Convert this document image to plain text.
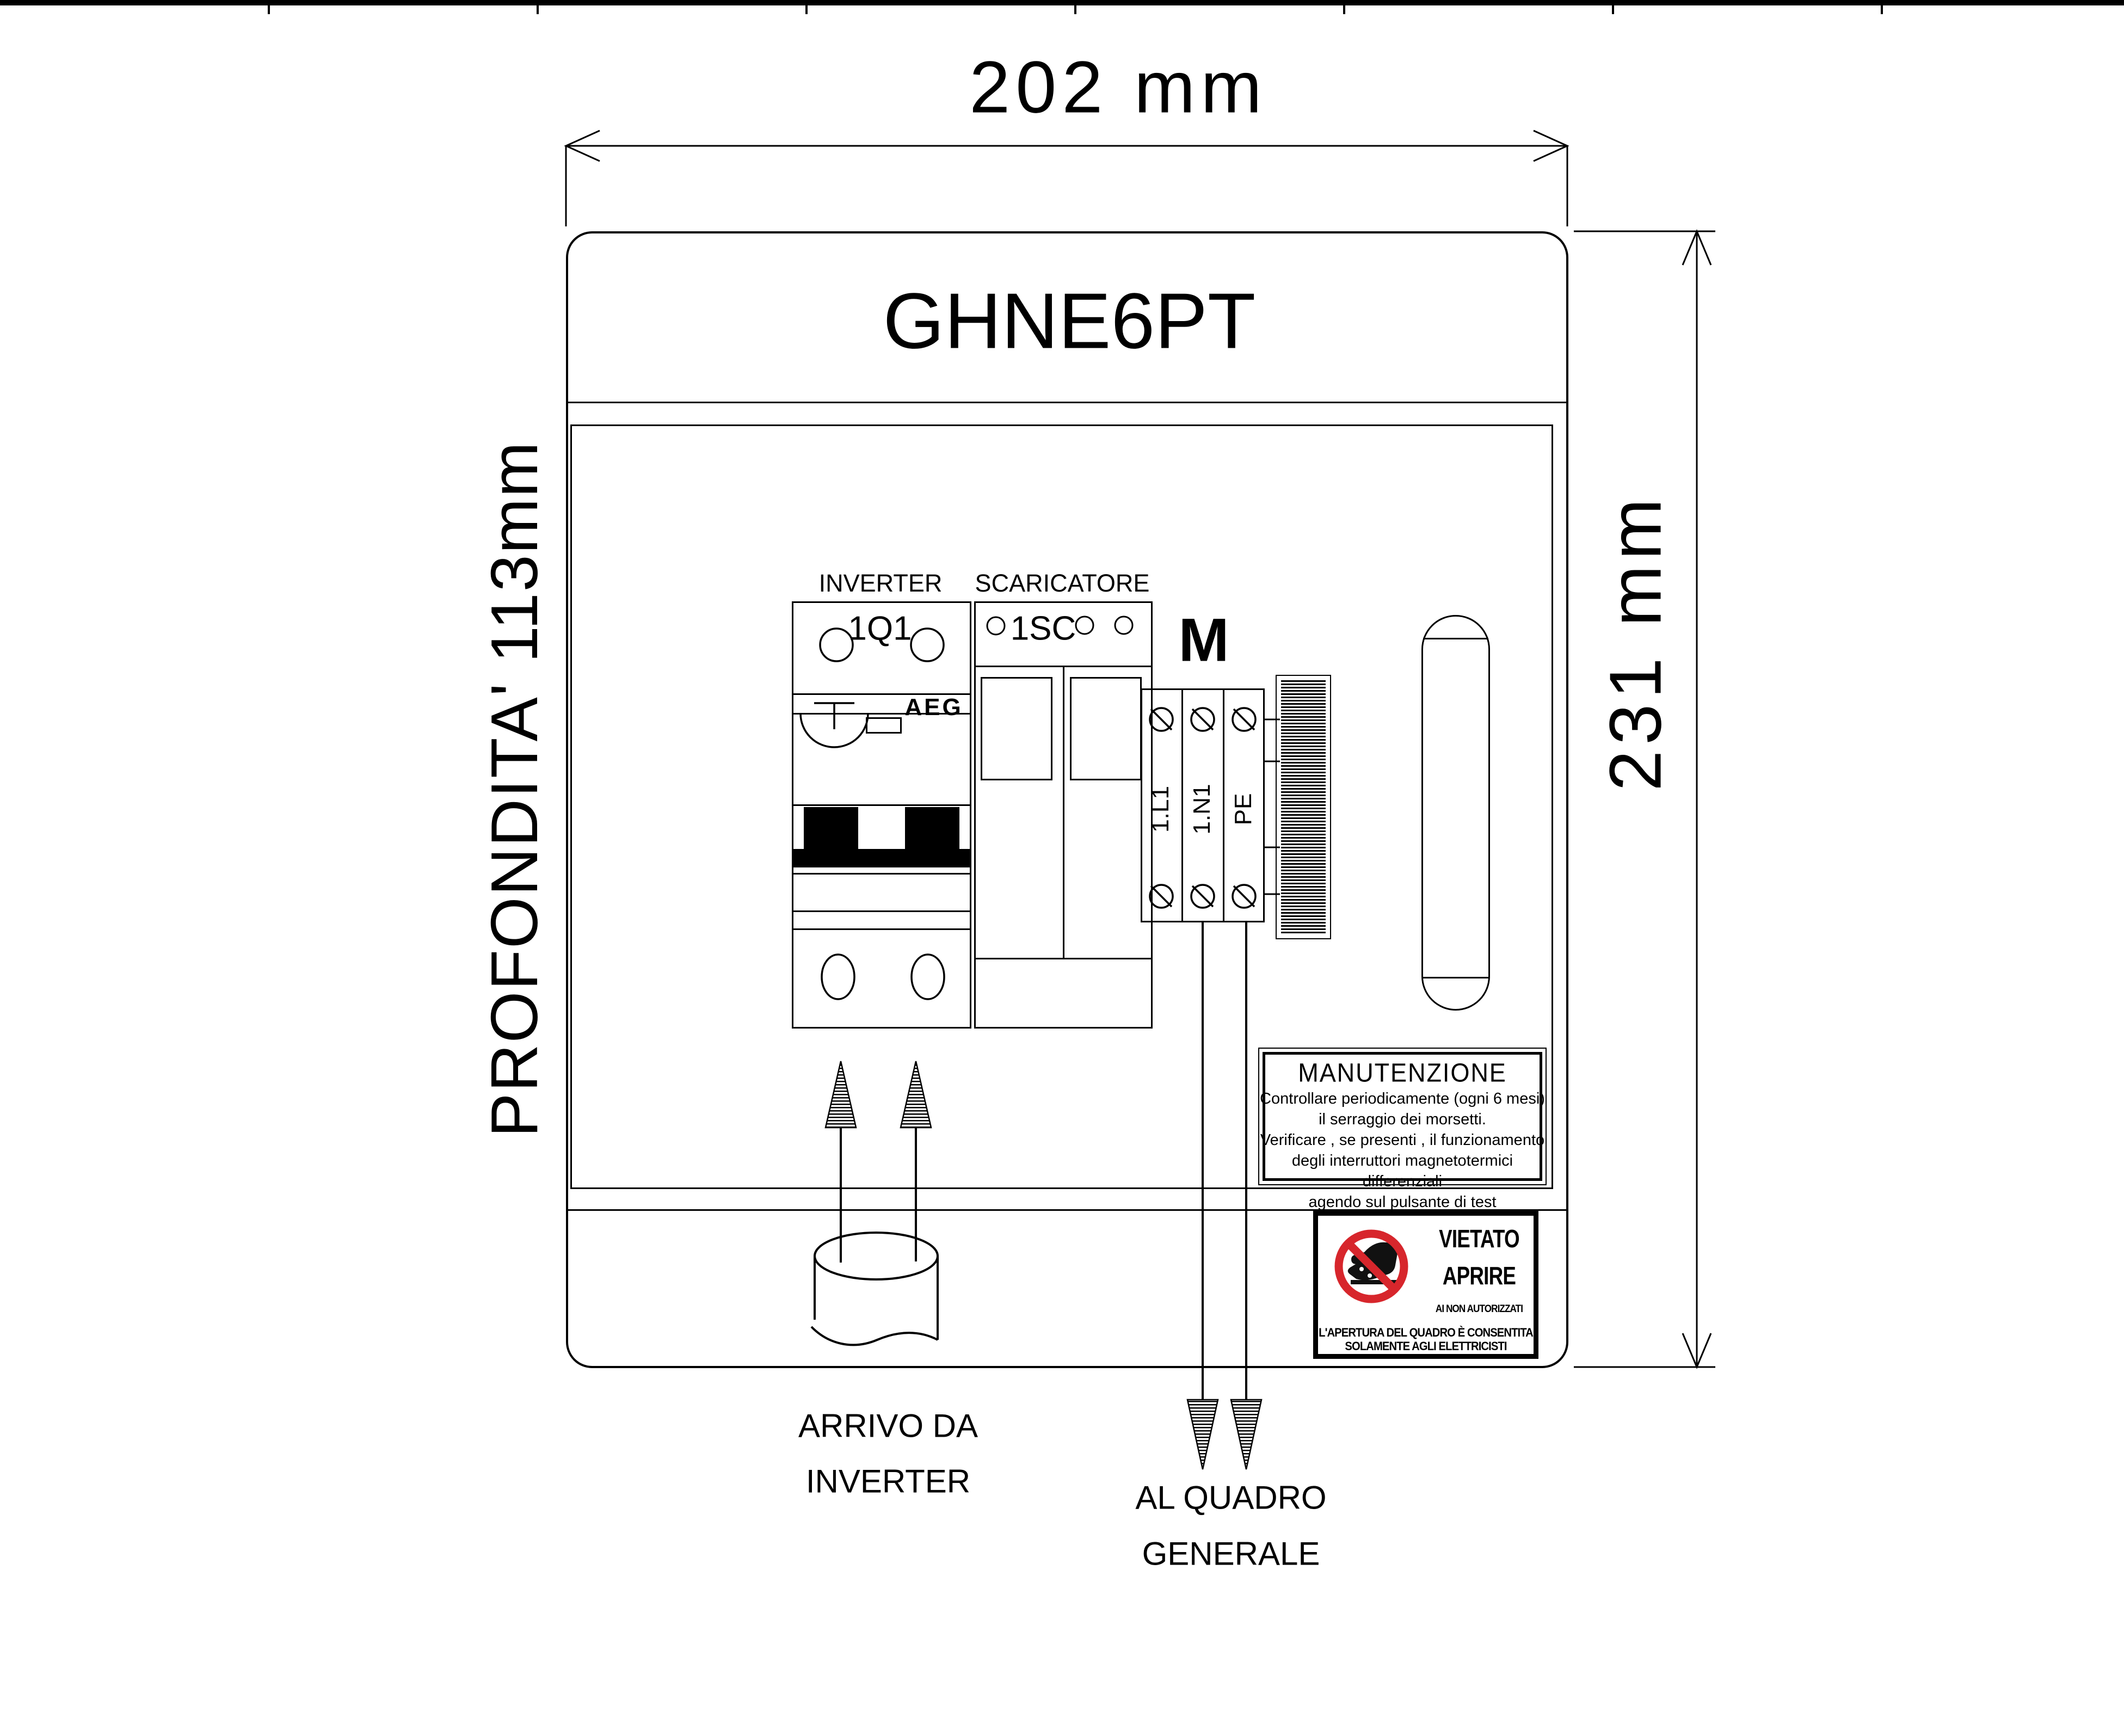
202 mm
231 mm
PROFONDITA' 113mm
GHNE6PT
INVERTER SCARICATORE
1Q1
AEG
1SC M
1.L1 1.N1 PE
MANUTENZIONE
Controllare periodicamente (ogni 6 mesi)
il serraggio dei morsetti.
Verificare , se presenti , il funzionamento
degli interruttori magnetotermici differenziali
agendo sul pulsante di test
VIETATO
APRIRE
AI NON AUTORIZZATI
L'APERTURA DEL QUADRO È CONSENTITA
SOLAMENTE AGLI ELETTRICISTI
ARRIVO DA
INVERTER	AL QUADRO
GENERALE
